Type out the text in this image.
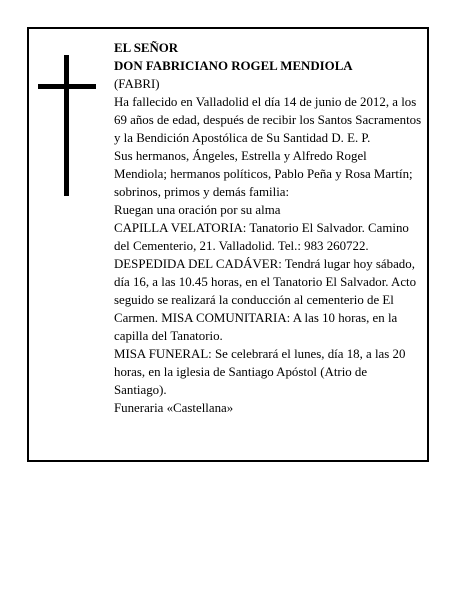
EL SEÑOR

DON FABRICIANO ROGEL MENDIOLA

(FABRI)

Ha fallecido en Valladolid el día 14 de junio de 2012, a los 69 años de edad, después de recibir los Santos Sacramentos y la Bendición Apostólica de Su Santidad D. E. P.

Sus hermanos, Ángeles, Estrella y Alfredo Rogel Mendiola; hermanos políticos, Pablo Peña y Rosa Martín; sobrinos, primos y demás familia:

Ruegan una oración por su alma

CAPILLA VELATORIA: Tanatorio El Salvador. Camino del Cementerio, 21. Valladolid. Tel.: 983 260722. DESPEDIDA DEL CADÁVER: Tendrá lugar hoy sábado, día 16, a las 10.45 horas, en el Tanatorio El Salvador. Acto seguido se realizará la conducción al cementerio de El Carmen. MISA COMUNITARIA: A las 10 horas, en la capilla del Tanatorio.

MISA FUNERAL: Se celebrará el lunes, día 18, a las 20 horas, en la iglesia de Santiago Apóstol (Atrio de Santiago).

Funeraria «Castellana»
